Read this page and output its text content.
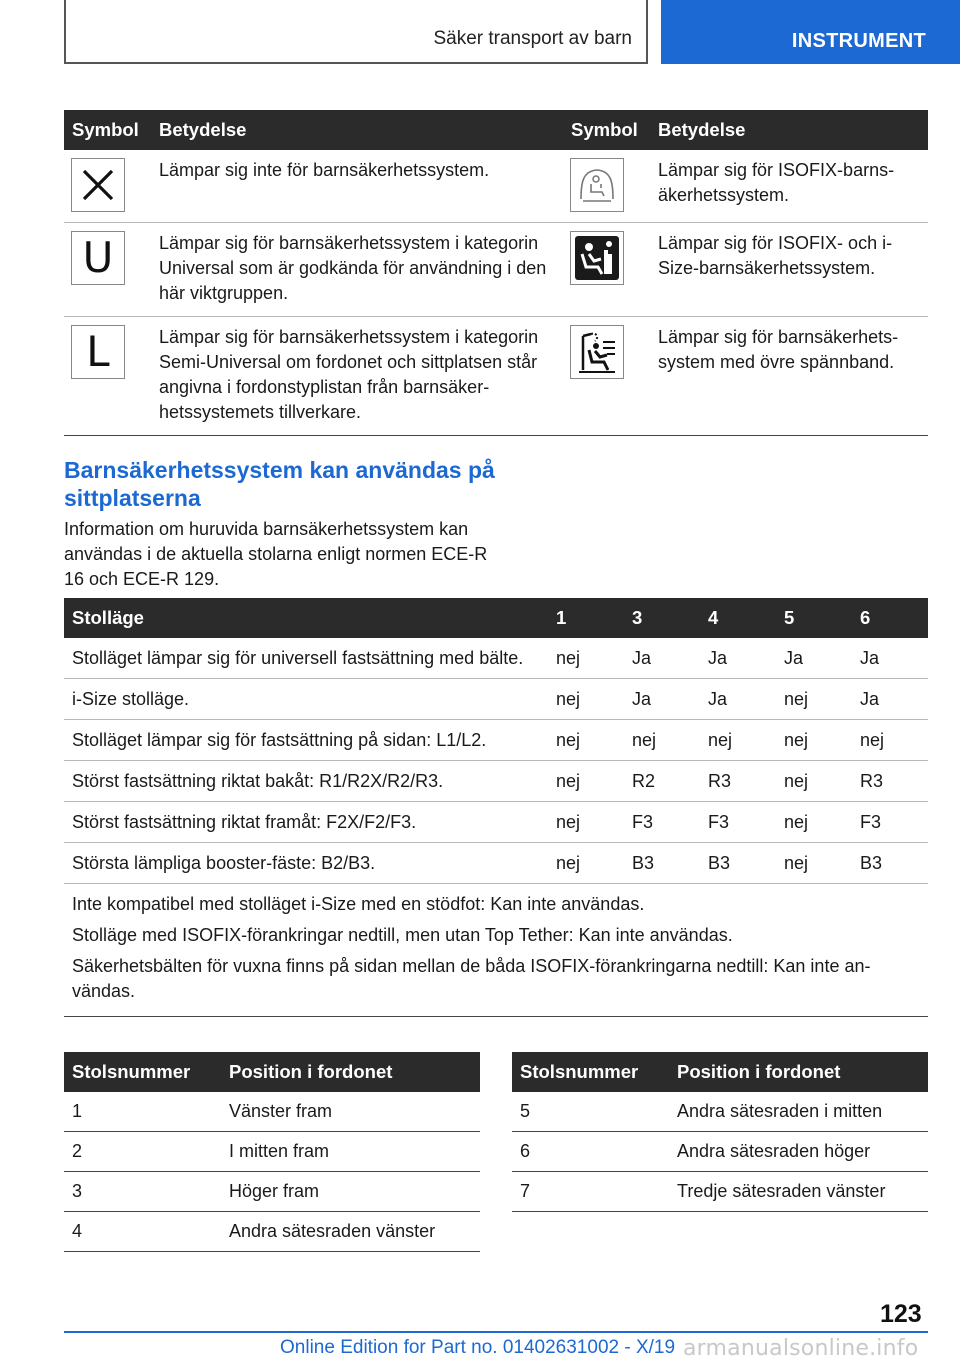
Säker transport av barn	INSTRUMENT
Symbol	Betydelse	Symbol	Betydelse

	Lämpar sig inte för barnsäkerhetssystem.		Lämpar sig för ISOFIX-barnsäkerhetssystem.

U	Lämpar sig för barnsäkerhetssystem i kategorin Universal som är godkända för användning i den här viktgruppen.		Lämpar sig för ISOFIX- och i-Size-barnsäkerhetssystem.

L	Lämpar sig för barnsäkerhetssystem i kategorin Semi-Universal om fordonet och sittplatsen står angivna i fordonstyplistan från barnsäkerhetssystemets tillverkare.		Lämpar sig för barnsäkerhetssystem med övre spännband.
Barnsäkerhetssystem kan användas på sittplatserna

Information om huruvida barnsäkerhetssystem kan användas i de aktuella stolarna enligt normen ECE-R 16 och ECE-R 129.

Stolläge	1	3	4	5	6
Stolläget lämpar sig för universell fastsättning med bälte.	nej	Ja	Ja	Ja	Ja
i-Size stolläge.	nej	Ja	Ja	nej	Ja
Stolläget lämpar sig för fastsättning på sidan: L1/L2.	nej	nej	nej	nej	nej
Störst fastsättning riktat bakåt: R1/R2X/R2/R3.	nej	R2	R3	nej	R3
Störst fastsättning riktat framåt: F2X/F2/F3.	nej	F3	F3	nej	F3
Största lämpliga booster-fäste: B2/B3.	nej	B3	B3	nej	B3

Inte kompatibel med stolläget i-Size med en stödfot: Kan inte användas.
Stolläge med ISOFIX-förankringar nedtill, men utan Top Tether: Kan inte användas.
Säkerhetsbälten för vuxna finns på sidan mellan de båda ISOFIX-förankringarna nedtill: Kan inte användas.					
Stolsnummer	Position i fordonet
1	Vänster fram
2	I mitten fram
3	Höger fram
4	Andra sätesraden vänster
Stolsnummer	Position i fordonet
5	Andra sätesraden i mitten
6	Andra sätesraden höger
7	Tredje sätesraden vänster
123
Online Edition for Part no. 01402631002 - X/19 armanualsonline.info
